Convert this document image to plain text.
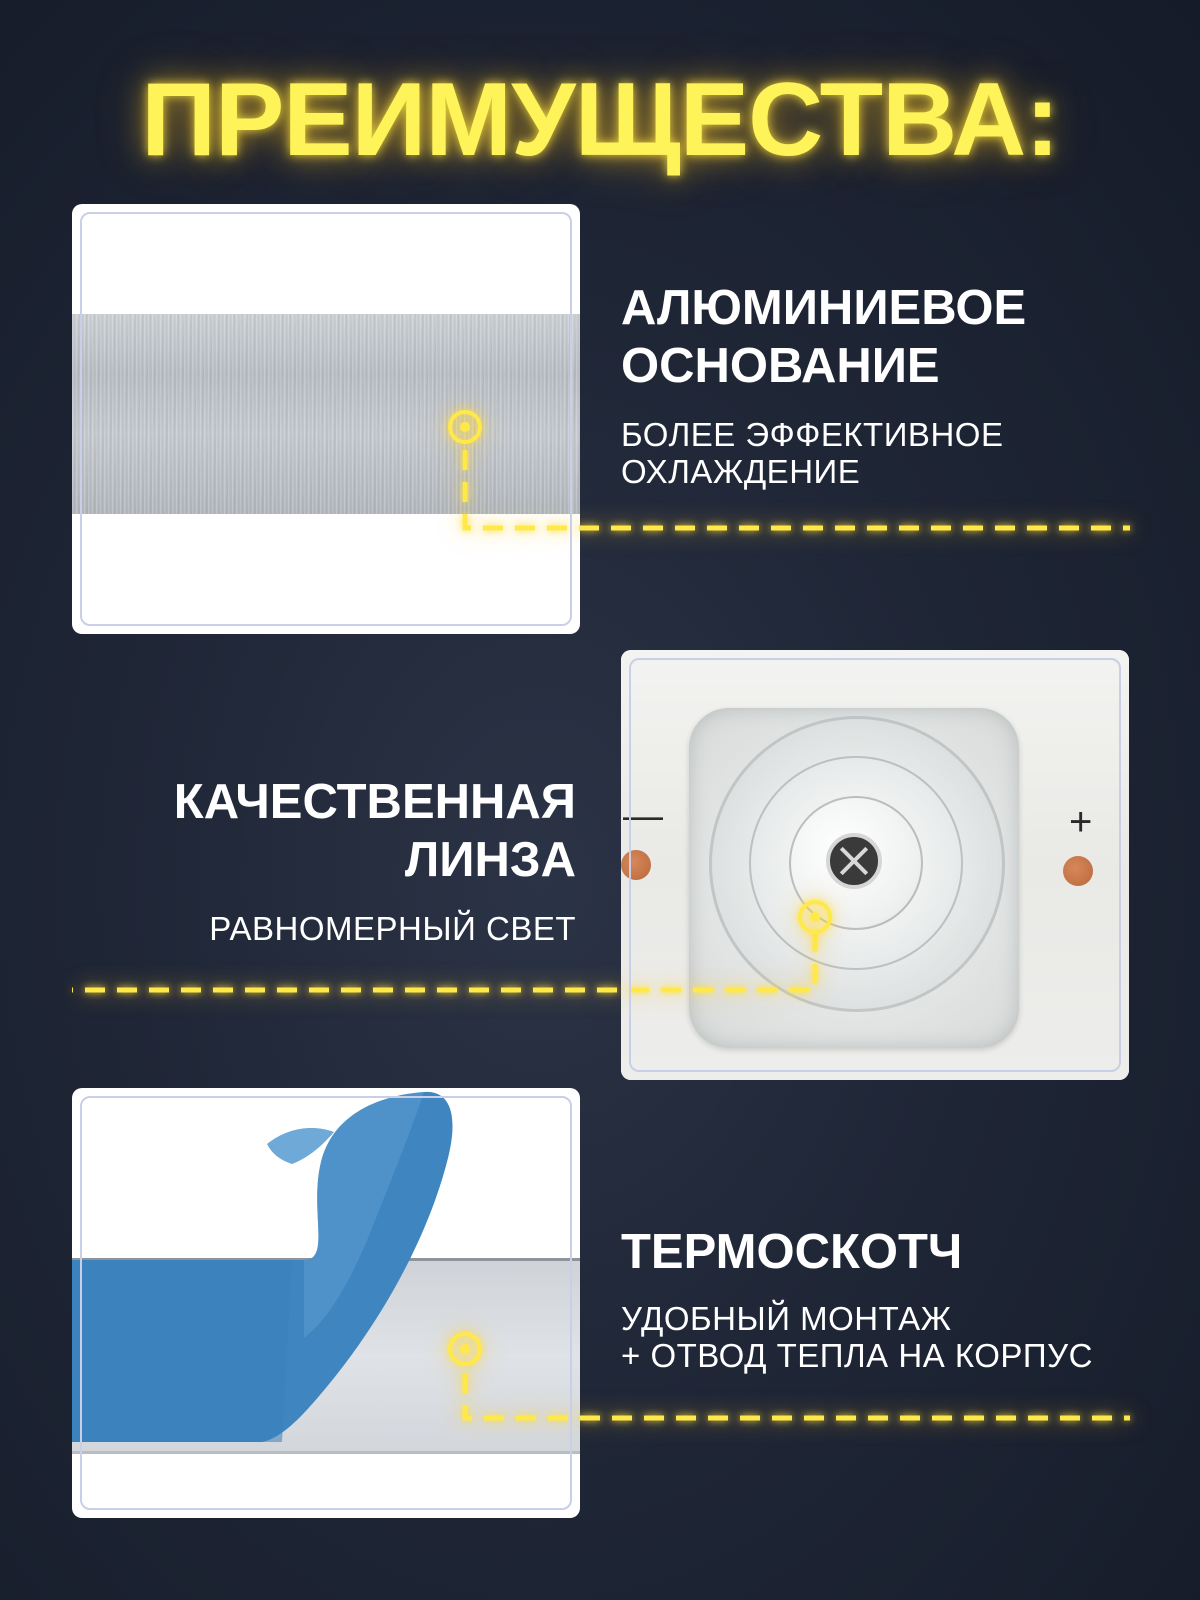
ПРЕИМУЩЕСТВА:
АЛЮМИНИЕВОЕ
ОСНОВАНИЕ
БОЛЕЕ ЭФФЕКТИВНОЕ
ОХЛАЖДЕНИЕ
—	+
КАЧЕСТВЕННАЯ
ЛИНЗА
РАВНОМЕРНЫЙ СВЕТ
ТЕРМОСКОТЧ
УДОБНЫЙ МОНТАЖ
+ ОТВОД ТЕПЛА НА КОРПУС
